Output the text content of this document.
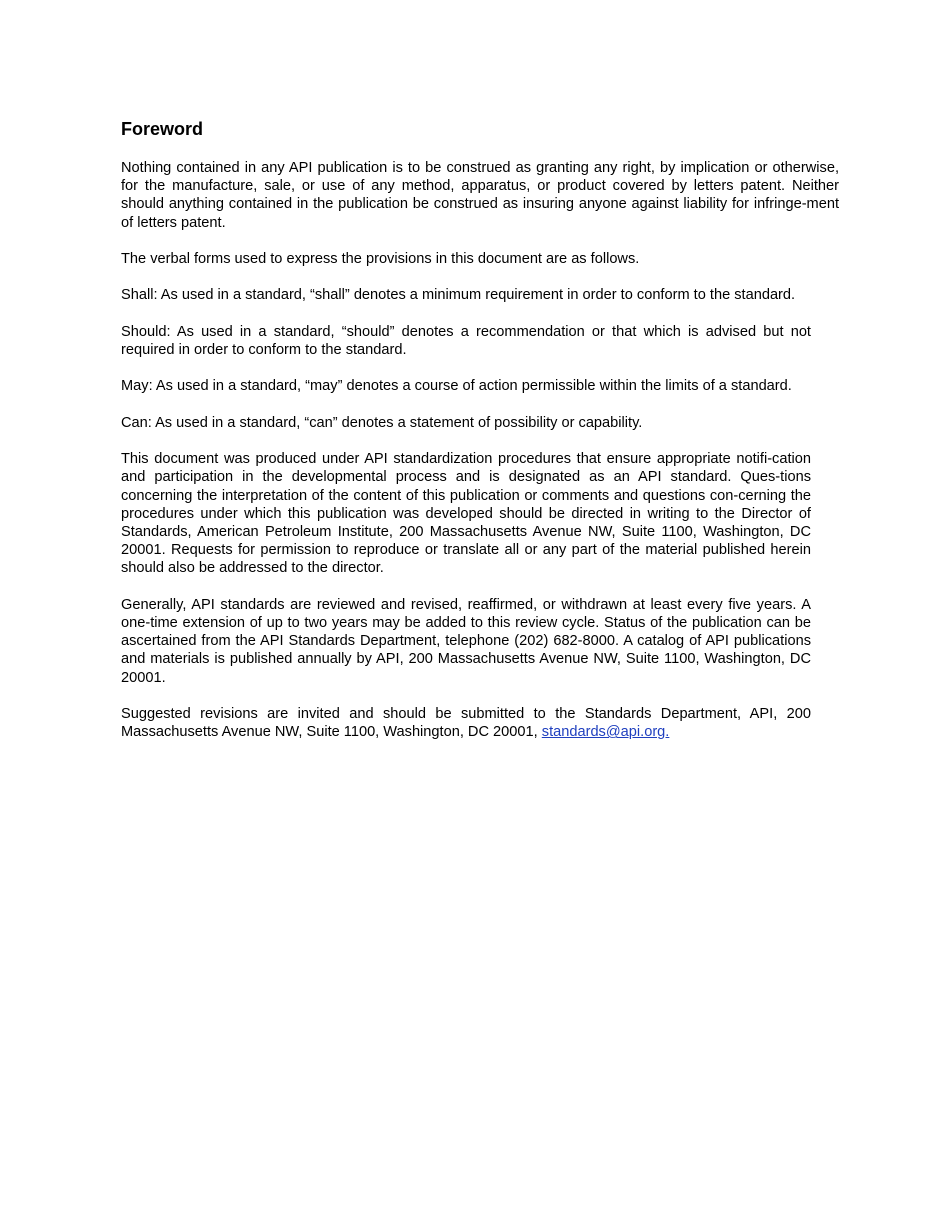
Foreword

Nothing contained in any API publication is to be construed as granting any right, by implication or otherwise, for the manufacture, sale, or use of any method, apparatus, or product covered by letters patent. Neither should anything contained in the publication be construed as insuring anyone against liability for infringe-ment of letters patent.

The verbal forms used to express the provisions in this document are as follows.

Shall: As used in a standard, “shall” denotes a minimum requirement in order to conform to the standard.

Should: As used in a standard, “should” denotes a recommendation or that which is advised but not required in order to conform to the standard.

May: As used in a standard, “may” denotes a course of action permissible within the limits of a standard.

Can: As used in a standard, “can” denotes a statement of possibility or capability.

This document was produced under API standardization procedures that ensure appropriate notifi-cation and participation in the developmental process and is designated as an API standard. Ques-tions concerning the interpretation of the content of this publication or comments and questions con-cerning the procedures under which this publication was developed should be directed in writing to the Director of Standards, American Petroleum Institute, 200 Massachusetts Avenue NW, Suite 1100, Washington, DC 20001. Requests for permission to reproduce or translate all or any part of the material published herein should also be addressed to the director.

Generally, API standards are reviewed and revised, reaffirmed, or withdrawn at least every five years. A one-time extension of up to two years may be added to this review cycle. Status of the publication can be ascertained from the API Standards Department, telephone (202) 682-8000. A catalog of API publications and materials is published annually by API, 200 Massachusetts Avenue NW, Suite 1100, Washington, DC 20001.

Suggested revisions are invited and should be submitted to the Standards Department, API, 200 Massachusetts Avenue NW, Suite 1100, Washington, DC 20001, standards@api.org.
